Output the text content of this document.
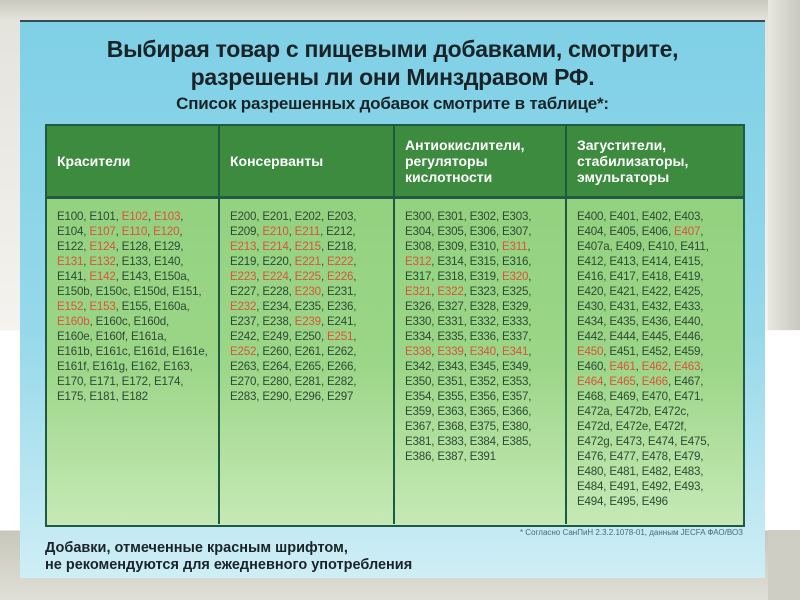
Выбирая товар с пищевыми добавками, смотрите,
разрешены ли они Минздравом РФ.
Список разрешенных добавок смотрите в таблице*:
Красители	Консерванты
Антиокислители,
регуляторы
кислотности
Загустители,
стабилизаторы,
эмульгаторы
E100, E101, E102, E103,
E104, E107, E110, E120,
E122, E124, E128, E129,
E131, E132, E133, E140,
E141, E142, E143, E150a,
E150b, E150c, E150d, E151,
E152, E153, E155, E160a,
E160b, E160c, E160d,
E160e, E160f, E161a,
E161b, E161c, E161d, E161e,
E161f, E161g, E162, E163,
E170, E171, E172, E174,
E175, E181, E182
E200, E201, E202, E203,
E209, E210, E211, E212,
E213, E214, E215, E218,
E219, E220, E221, E222,
E223, E224, E225, E226,
E227, E228, E230, E231,
E232, E234, E235, E236,
E237, E238, E239, E241,
E242, E249, E250, E251,
E252, E260, E261, E262,
E263, E264, E265, E266,
E270, E280, E281, E282,
E283, E290, E296, E297
E300, E301, E302, E303,
E304, E305, E306, E307,
E308, E309, E310, E311,
E312, E314, E315, E316,
E317, E318, E319, E320,
E321, E322, E323, E325,
E326, E327, E328, E329,
E330, E331, E332, E333,
E334, E335, E336, E337,
E338, E339, E340, E341,
E342, E343, E345, E349,
E350, E351, E352, E353,
E354, E355, E356, E357,
E359, E363, E365, E366,
E367, E368, E375, E380,
E381, E383, E384, E385,
E386, E387, E391
E400, E401, E402, E403,
E404, E405, E406, E407,
E407a, E409, E410, E411,
E412, E413, E414, E415,
E416, E417, E418, E419,
E420, E421, E422, E425,
E430, E431, E432, E433,
E434, E435, E436, E440,
E442, E444, E445, E446,
E450, E451, E452, E459,
E460, E461, E462, E463,
E464, E465, E466, E467,
E468, E469, E470, E471,
E472a, E472b, E472c,
E472d, E472e, E472f,
E472g, E473, E474, E475,
E476, E477, E478, E479,
E480, E481, E482, E483,
E484, E491, E492, E493,
E494, E495, E496
* Согласно СанПиН 2.3.2.1078-01, данным JECFA ФАО/ВОЗ
Добавки, отмеченные красным шрифтом,
не рекомендуются для ежедневного употребления
